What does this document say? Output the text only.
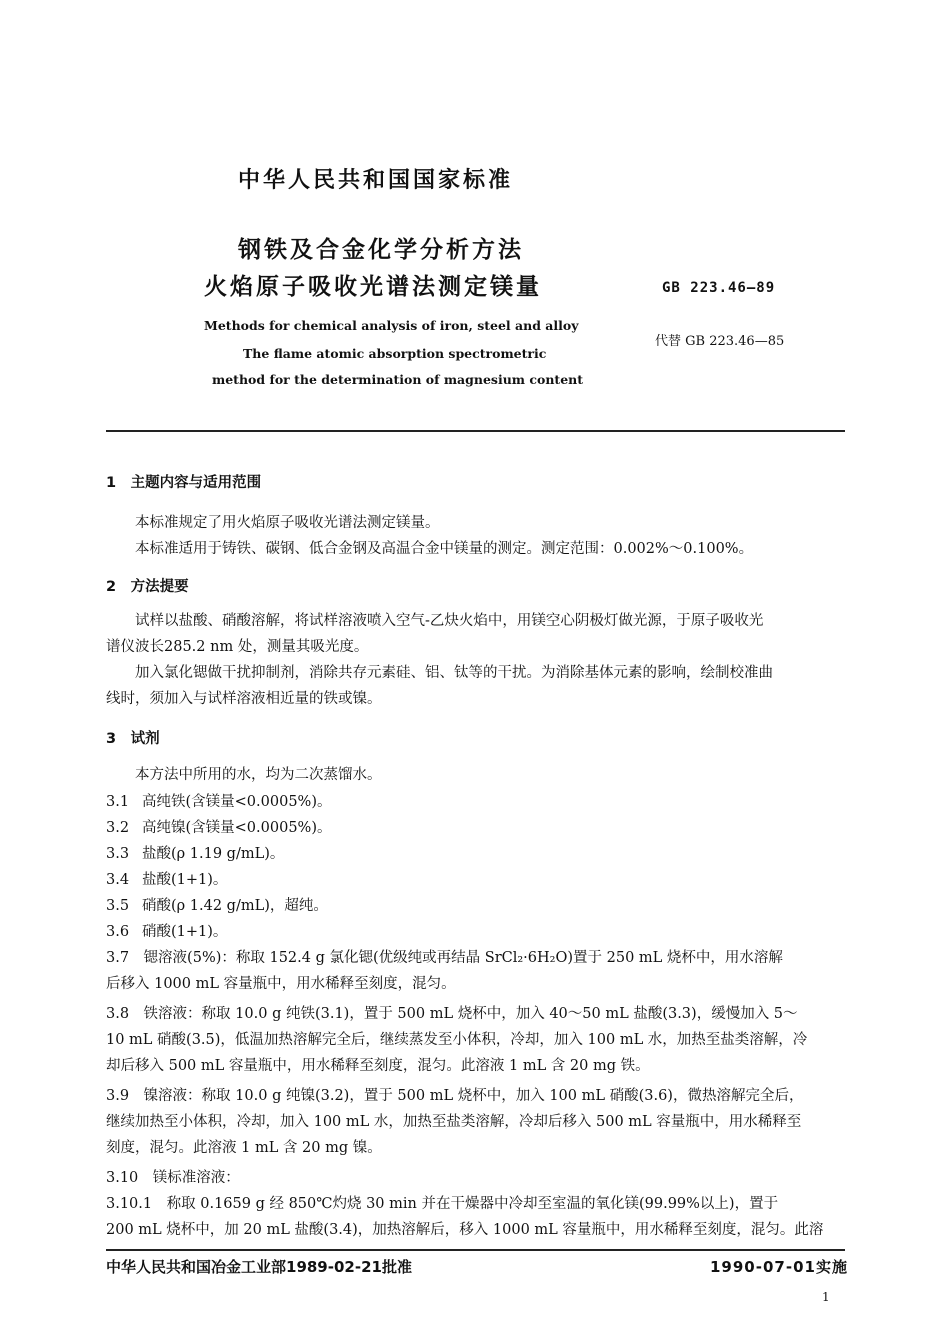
中华人民共和国国家标准
钢铁及合金化学分析方法
火焰原子吸收光谱法测定镁量	GB 223.46—89
代替 GB 223.46—85
Methods for chemical analysis of iron, steel and alloy
The flame atomic absorption spectrometric
method for the determination of magnesium content
1　主题内容与适用范围
本标准规定了用火焰原子吸收光谱法测定镁量。
本标准适用于铸铁、碳钢、低合金钢及高温合金中镁量的测定。测定范围：0.002%～0.100%。
2　方法提要
试样以盐酸、硝酸溶解，将试样溶液喷入空气-乙炔火焰中，用镁空心阴极灯做光源，于原子吸收光
谱仪波长285.2 nm 处，测量其吸光度。
加入氯化锶做干扰抑制剂，消除共存元素硅、铝、钛等的干扰。为消除基体元素的影响，绘制校准曲
线时，须加入与试样溶液相近量的铁或镍。
3　试剂
本方法中所用的水，均为二次蒸馏水。
3.1 高纯铁(含镁量<0.0005%)。
3.2 高纯镍(含镁量<0.0005%)。
3.3 盐酸(ρ 1.19 g/mL)。
3.4 盐酸(1+1)。
3.5 硝酸(ρ 1.42 g/mL)，超纯。
3.6 硝酸(1+1)。
3.7　锶溶液(5%)：称取 152.4 g 氯化锶(优级纯或再结晶 SrCl₂·6H₂O)置于 250 mL 烧杯中，用水溶解
后移入 1000 mL 容量瓶中，用水稀释至刻度，混匀。
3.8　铁溶液：称取 10.0 g 纯铁(3.1)，置于 500 mL 烧杯中，加入 40～50 mL 盐酸(3.3)，缓慢加入 5～
10 mL 硝酸(3.5)，低温加热溶解完全后，继续蒸发至小体积，冷却，加入 100 mL 水，加热至盐类溶解，冷
却后移入 500 mL 容量瓶中，用水稀释至刻度，混匀。此溶液 1 mL 含 20 mg 铁。
3.9　镍溶液：称取 10.0 g 纯镍(3.2)，置于 500 mL 烧杯中，加入 100 mL 硝酸(3.6)，微热溶解完全后，
继续加热至小体积，冷却，加入 100 mL 水，加热至盐类溶解，冷却后移入 500 mL 容量瓶中，用水稀释至
刻度，混匀。此溶液 1 mL 含 20 mg 镍。
3.10　镁标准溶液：
3.10.1　称取 0.1659 g 经 850℃灼烧 30 min 并在干燥器中冷却至室温的氧化镁(99.99%以上)，置于
200 mL 烧杯中，加 20 mL 盐酸(3.4)，加热溶解后，移入 1000 mL 容量瓶中，用水稀释至刻度，混匀。此溶
中华人民共和国冶金工业部1989-02-21批准	1990-07-01实施
1
